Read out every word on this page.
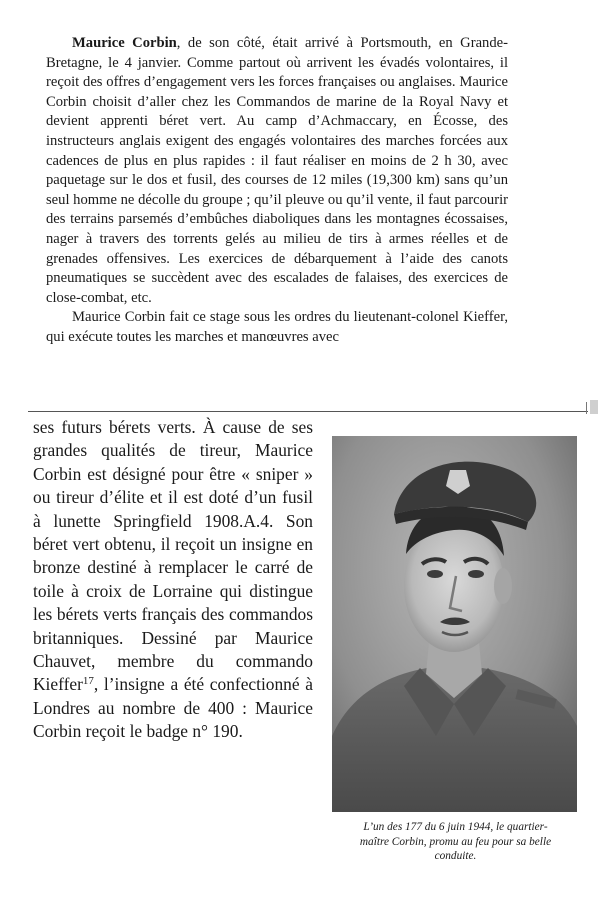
Maurice Corbin, de son côté, était arrivé à Portsmouth, en Grande-Bretagne, le 4 janvier. Comme partout où arrivent les évadés volontaires, il reçoit des offres d’engagement vers les forces françaises ou anglaises. Maurice Corbin choisit d’aller chez les Commandos de marine de la Royal Navy et devient apprenti béret vert. Au camp d’Achmaccary, en Écosse, des instructeurs anglais exigent des engagés volontaires des marches forcées aux cadences de plus en plus rapides : il faut réaliser en moins de 2 h 30, avec paquetage sur le dos et fusil, des courses de 12 miles (19,300 km) sans qu’un seul homme ne décolle du groupe ; qu’il pleuve ou qu’il vente, il faut parcourir des terrains parsemés d’embûches diaboliques dans les montagnes écossaises, nager à travers des torrents gelés au milieu de tirs à armes réelles et de grenades offensives. Les exercices de débarquement à l’aide des canots pneumatiques se succèdent avec des escalades de falaises, des exercices de close-combat, etc.

Maurice Corbin fait ce stage sous les ordres du lieutenant-colonel Kieffer, qui exécute toutes les marches et manœuvres avec

ses futurs bérets verts. À cause de ses grandes qualités de tireur, Maurice Corbin est désigné pour être « sniper » ou tireur d’élite et il est doté d’un fusil à lunette Springfield 1908.A.4. Son béret vert obtenu, il reçoit un insigne en bronze destiné à remplacer le carré de toile à croix de Lorraine qui distingue les bérets verts français des commandos britanniques. Dessiné par Maurice Chauvet, membre du commando Kieffer$^{17}$, l’insigne a été confectionné à Londres au nombre de 400 : Maurice Corbin reçoit le badge n° 190.

L’un des 177 du 6 juin 1944, le quartier-
maître Corbin, promu au feu pour sa belle
conduite.
